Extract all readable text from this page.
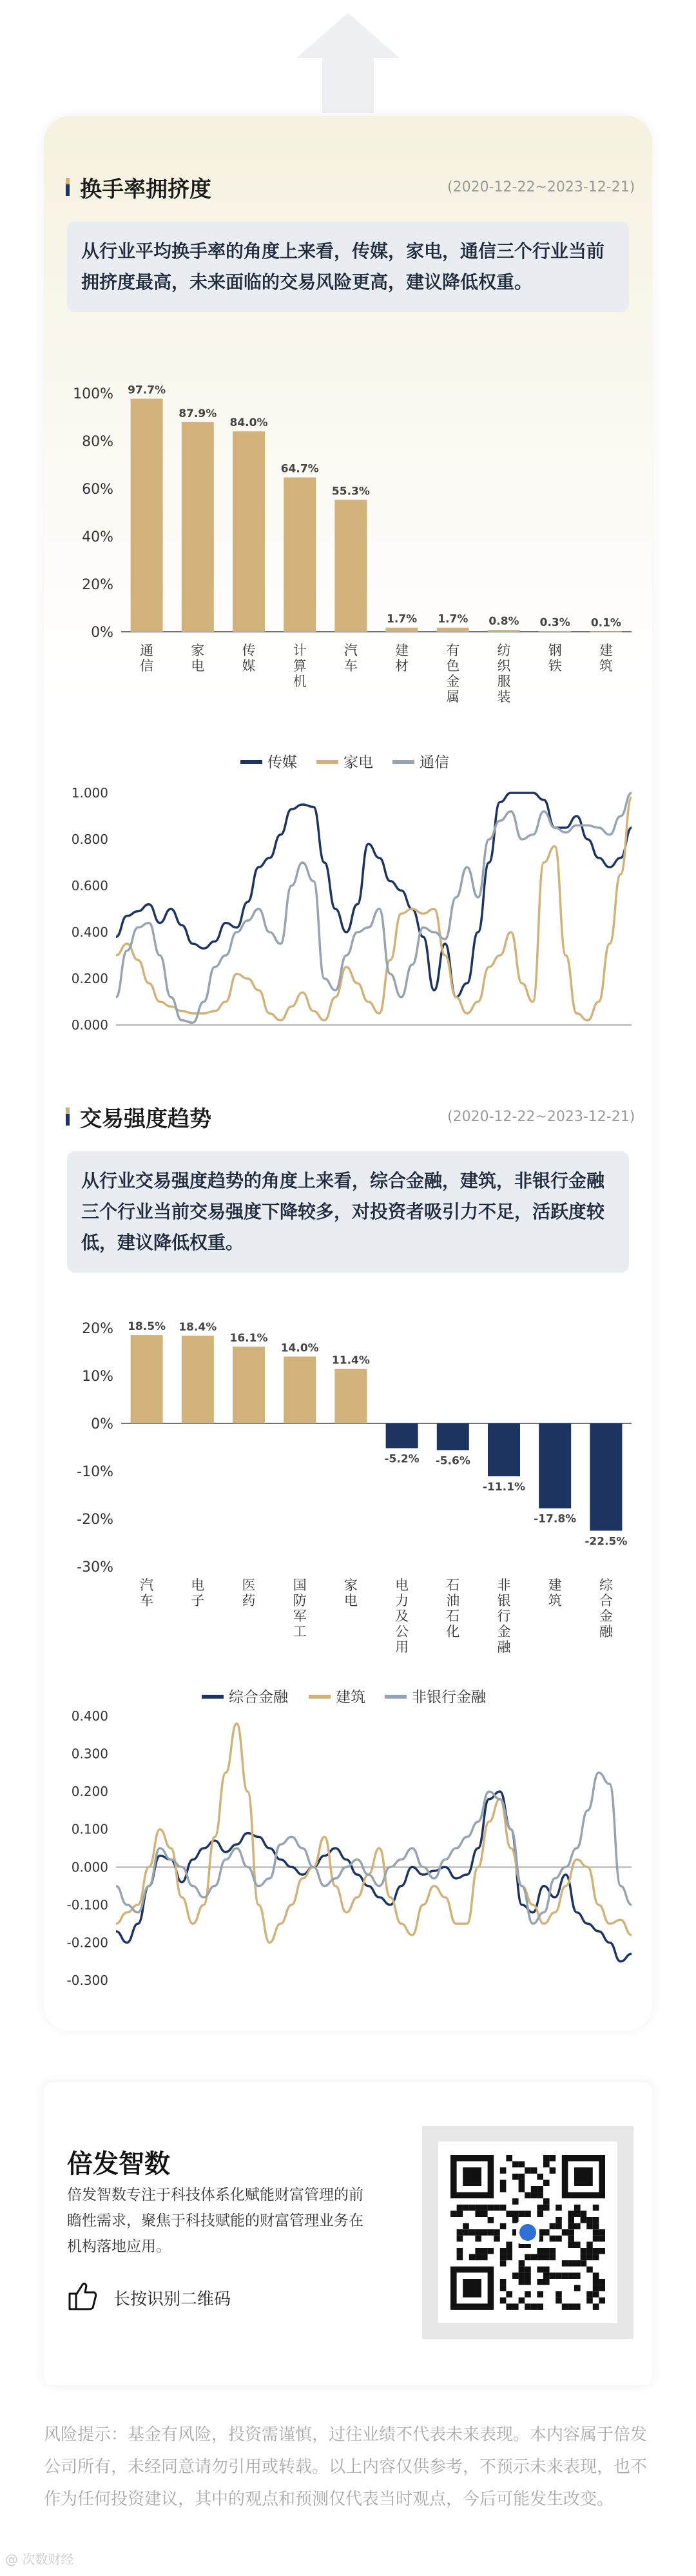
换手率拥挤度	(2020-12-22~2023-12-21)
从行业平均换手率的角度上来看，传媒，家电，通信三个行业当前拥挤度最高，未来面临的交易风险更高，建议降低权重。
0%
20%
40%
60%
80%
100% 97.7%
通信
87.9%
家电
84.0%
传媒
64.7%
计算机
55.3%
汽车
1.7%
建材
1.7%
有色金属
0.8%
纺织服装
0.3%
钢铁
0.1%
建筑
0.000
0.200
0.400
0.600
0.800
1.000
传媒	家电	通信
交易强度趋势	(2020-12-22~2023-12-21)
从行业交易强度趋势的角度上来看，综合金融，建筑，非银行金融三个行业当前交易强度下降较多，对投资者吸引力不足，活跃度较低，建议降低权重。
-30%
-20%
-10%
0%
10%
20% 18.5%
汽车
18.4%
电子
16.1%
医药
14.0%
国防军工
11.4%
家电
-5.2%
电力及公用
-5.6%
石油石化
-11.1%
非银行金融
-17.8%
建筑
-22.5%
综合金融
-0.300
-0.200
-0.100
0.000
0.100
0.200
0.300
0.400
综合金融	建筑	非银行金融
倍发智数
倍发智数专注于科技体系化赋能财富管理的前瞻性需求，聚焦于科技赋能的财富管理业务在机构落地应用。
长按识别二维码
风险提示：基金有风险，投资需谨慎，过往业绩不代表未来表现。本内容属于倍发公司所有，未经同意请勿引用或转载。以上内容仅供参考，不预示未来表现，也不作为任何投资建议，其中的观点和预测仅代表当时观点，今后可能发生改变。
@ 次数财经
